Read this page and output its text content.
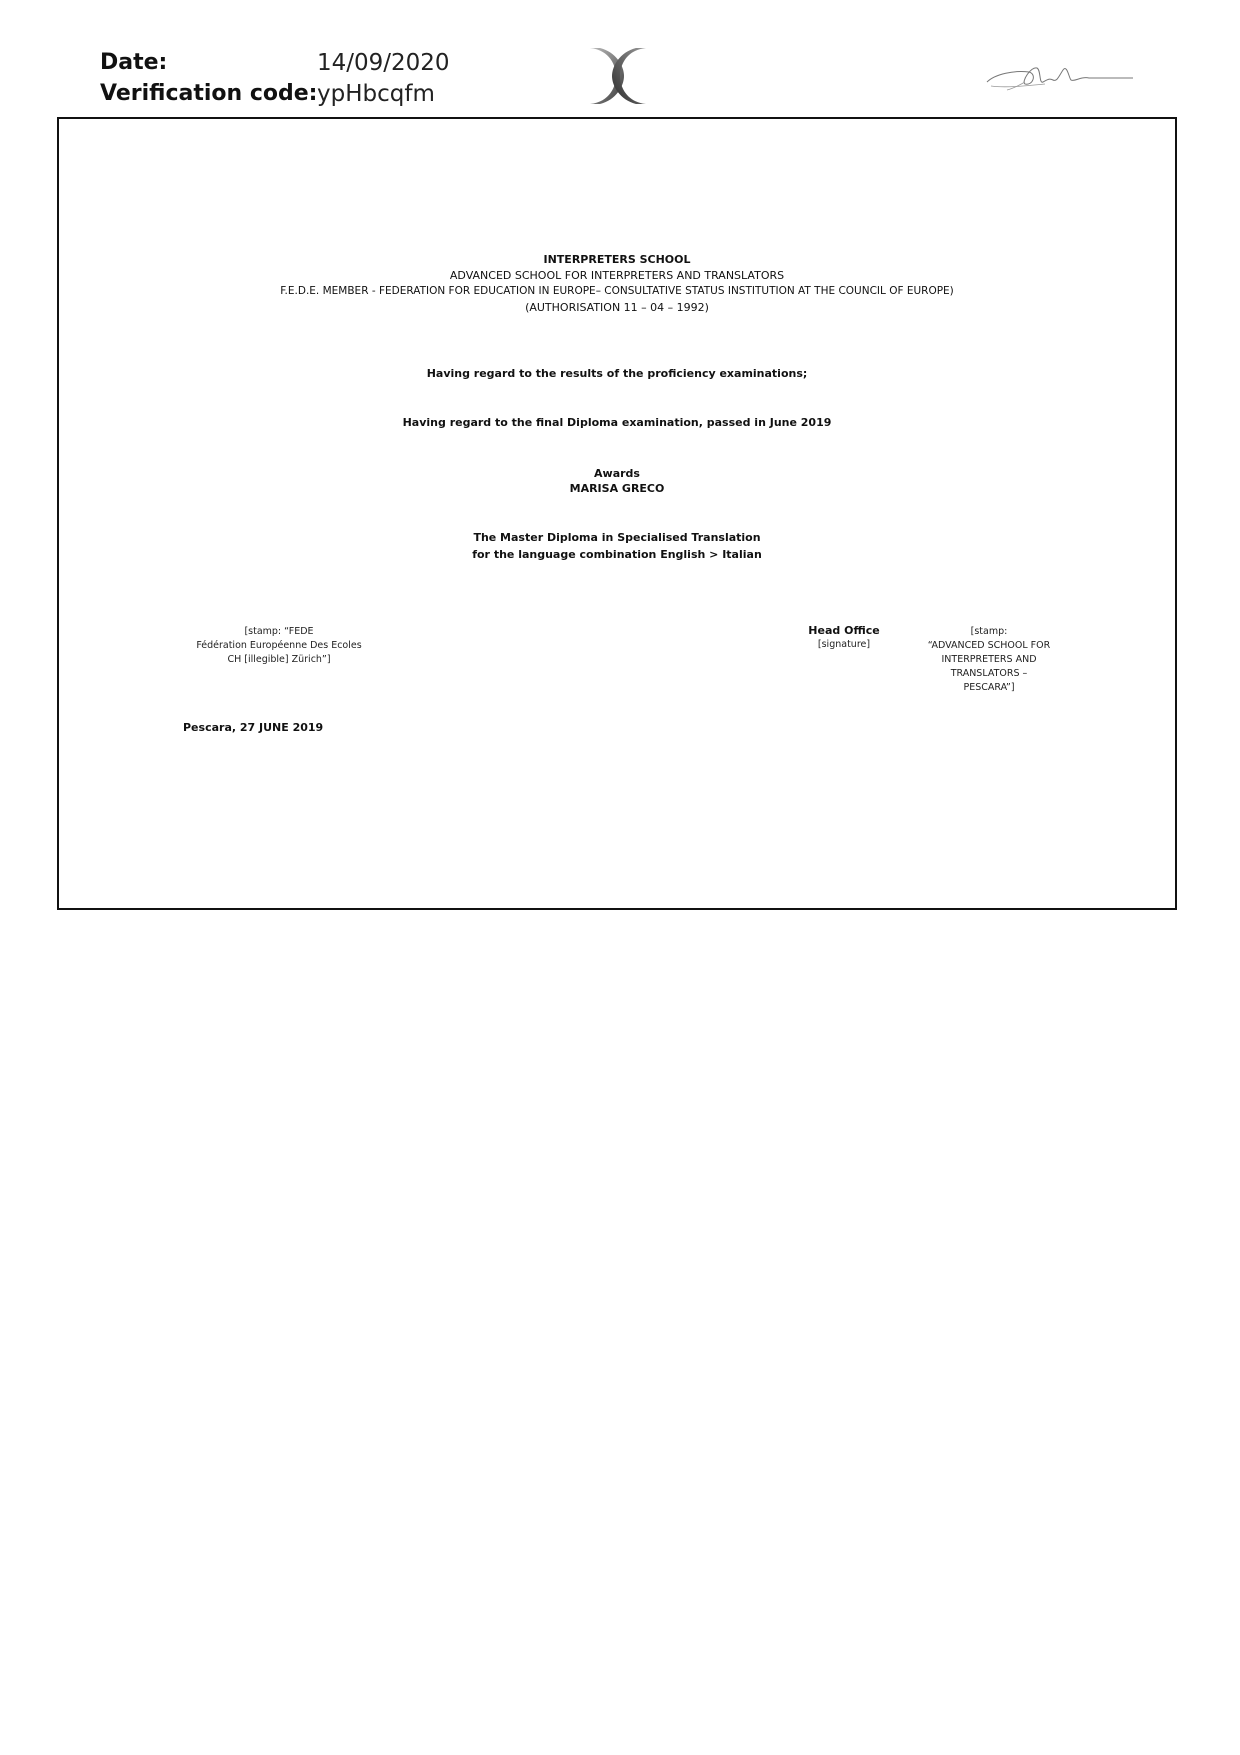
Date:	14/09/2020
Verification code: ypHbcqfm
INTERPRETERS SCHOOL
ADVANCED SCHOOL FOR INTERPRETERS AND TRANSLATORS
F.E.D.E. MEMBER - FEDERATION FOR EDUCATION IN EUROPE– CONSULTATIVE STATUS INSTITUTION AT THE COUNCIL OF EUROPE)
(AUTHORISATION 11 – 04 – 1992)
Having regard to the results of the proficiency examinations;
Having regard to the final Diploma examination, passed in June 2019
Awards
MARISA GRECO
The Master Diploma in Specialised Translation
for the language combination English > Italian
[stamp: “FEDE
Fédération Européenne Des Ecoles
CH [illegible] Zürich”]
Head Office
[signature]
[stamp:
“ADVANCED SCHOOL FOR
INTERPRETERS AND
TRANSLATORS –
PESCARA”]
Pescara, 27 JUNE 2019
